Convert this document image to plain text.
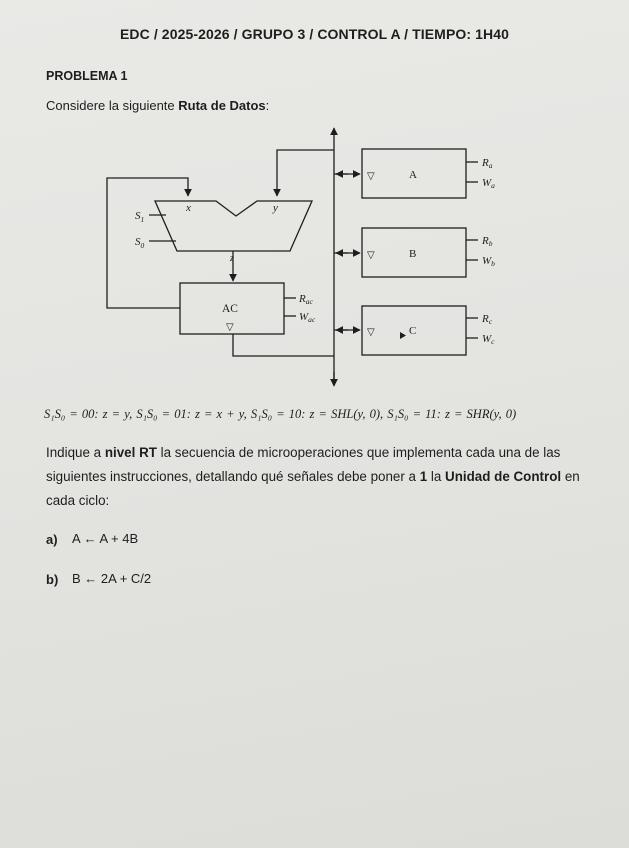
EDC / 2025-2026 / GRUPO 3 / CONTROL A / TIEMPO: 1H40
PROBLEMA 1
Considere la siguiente Ruta de Datos:
x	y
z
$S_1$
$S_0$
AC
▽
Rac
Wac
▽	A
Ra
Wa
▽	B
Rb
Wb
▽	C
Rc
Wc
S₁S₀ = 00: z = y, S₁S₀ = 01: z = x + y, S₁S₀ = 10: z = SHL(y, 0), S₁S₀ = 11: z = SHR(y, 0)
Indique a nivel RT la secuencia de microoperaciones que implementa cada una de las siguientes instrucciones, detallando qué señales debe poner a 1 la Unidad de Control en cada ciclo:
a) A ← A + 4B
b) B ← 2A + C/2
